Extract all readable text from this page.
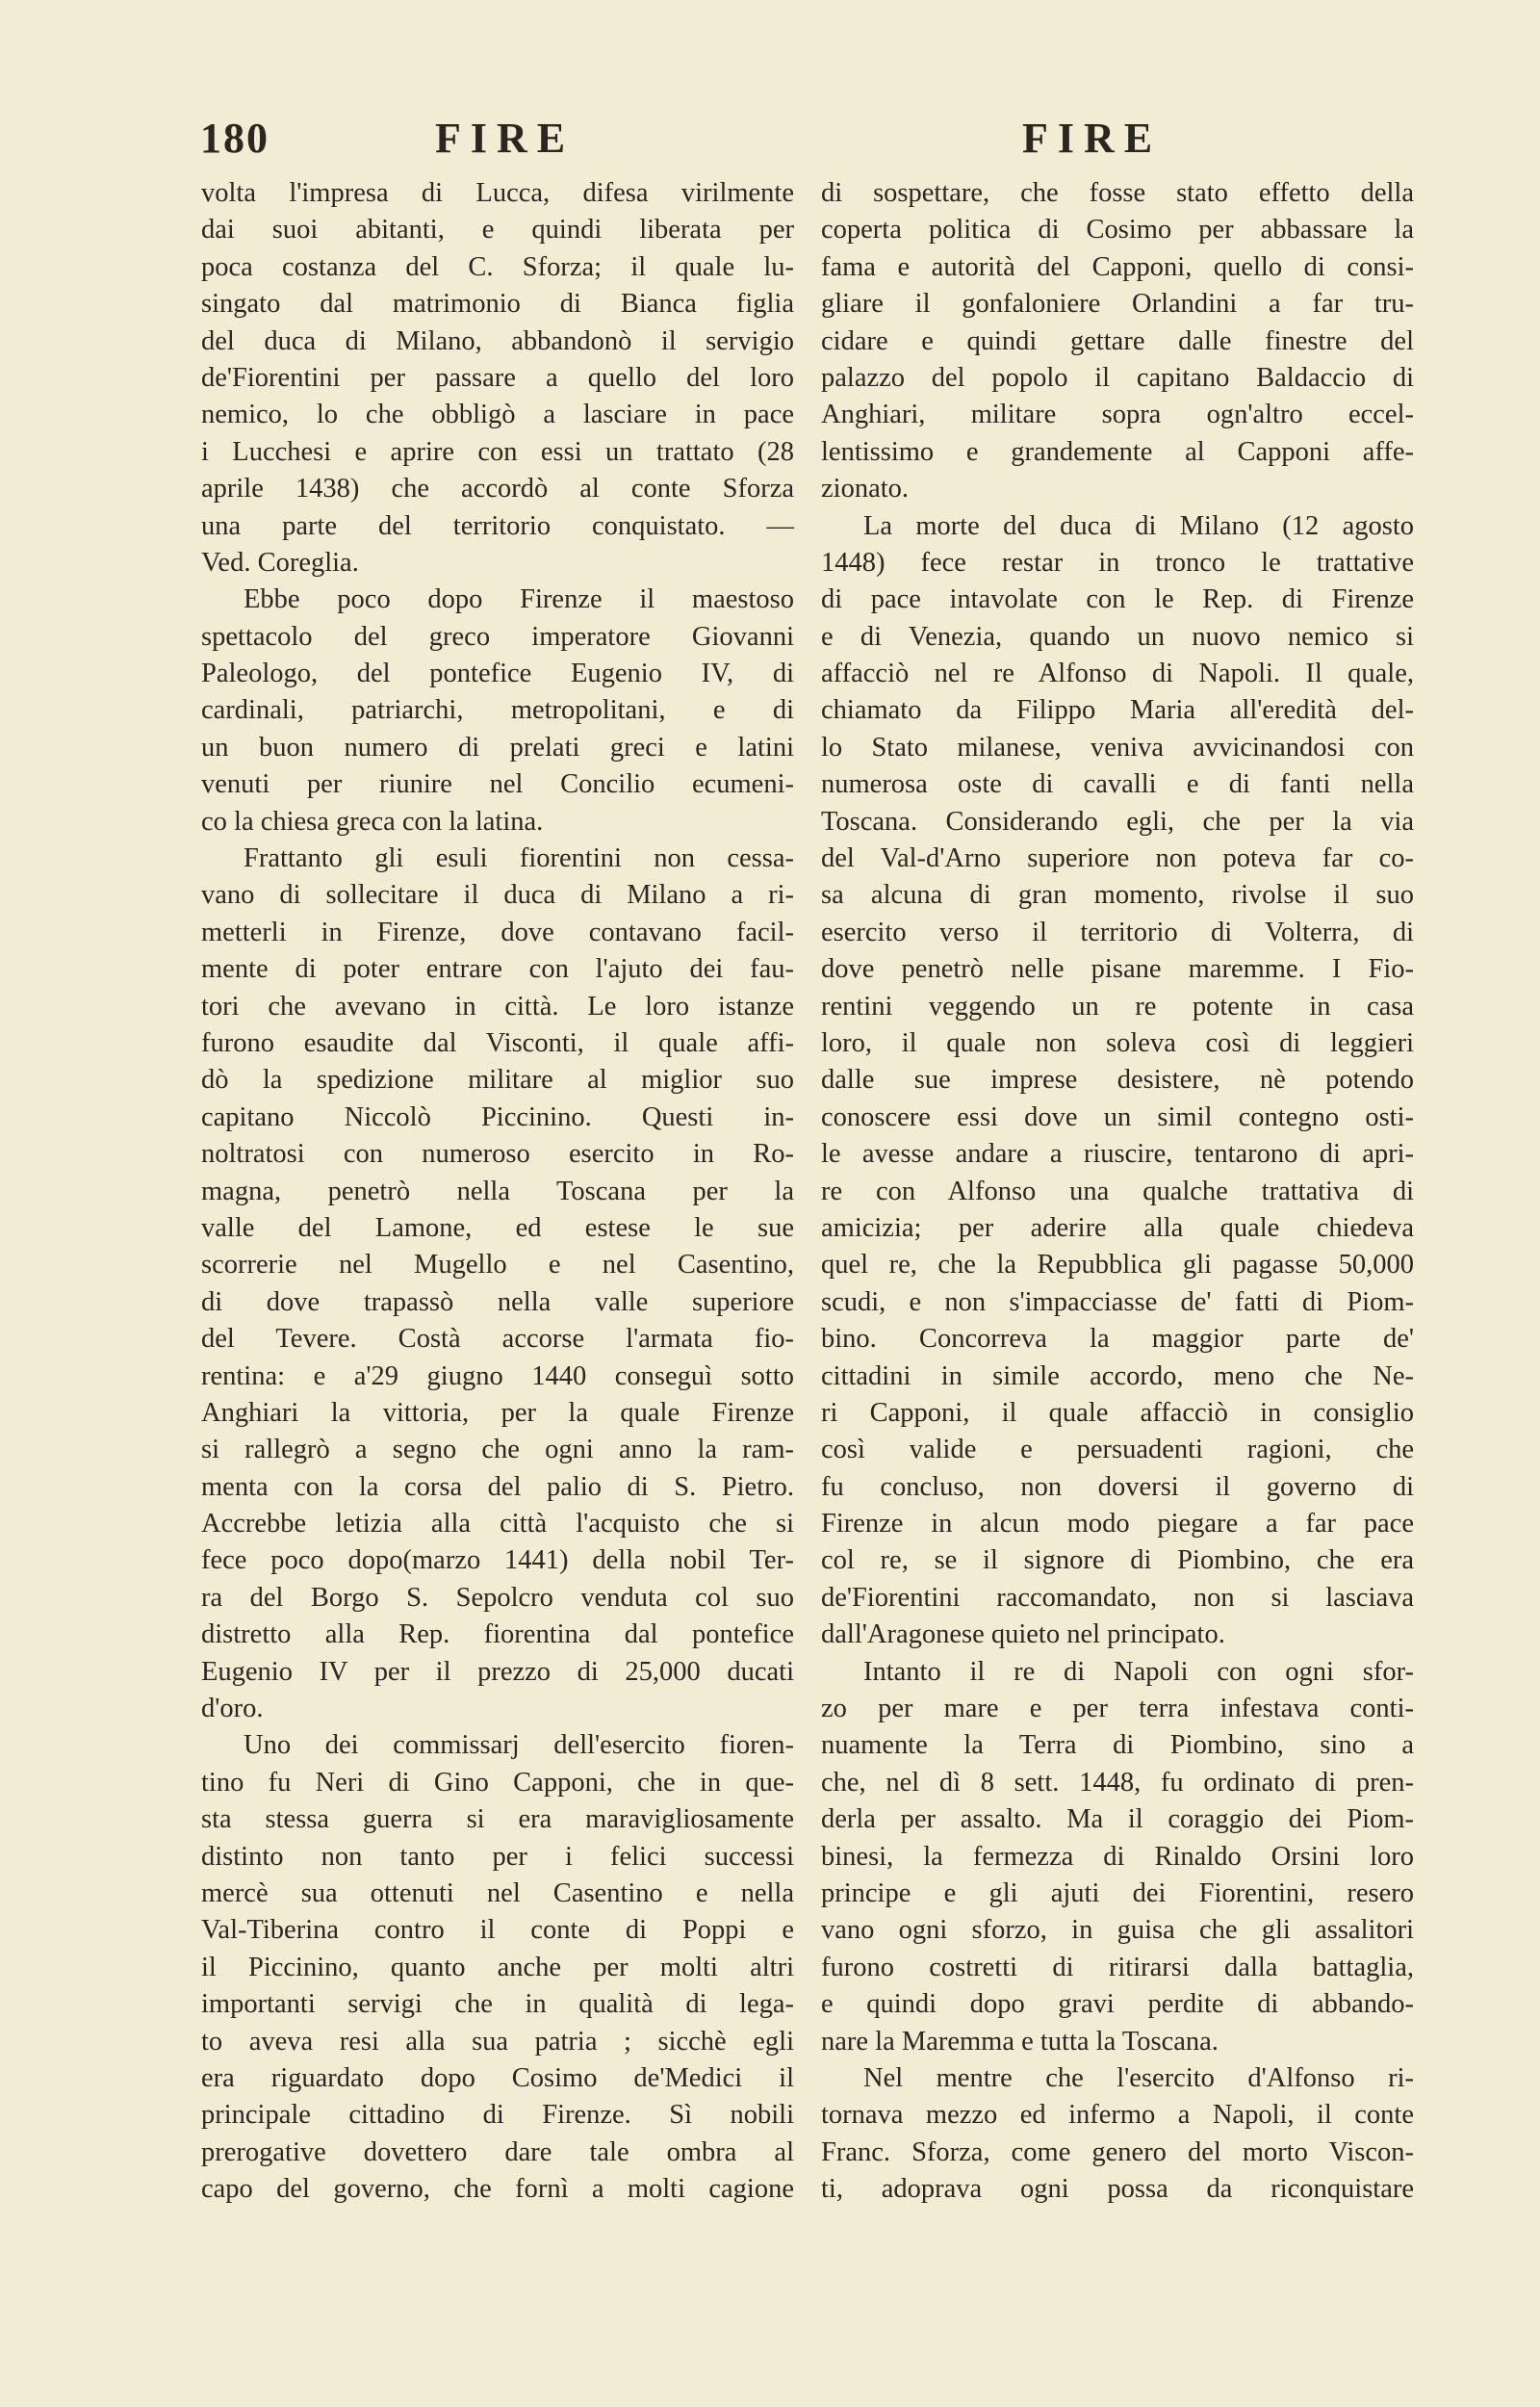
180	FIRE	FIRE
volta l'impresa di Lucca, difesa virilmente
dai suoi abitanti, e quindi liberata per
poca costanza del C. Sforza; il quale lu-
singato dal matrimonio di Bianca figlia
del duca di Milano, abbandonò il servigio
de'Fiorentini per passare a quello del loro
nemico, lo che obbligò a lasciare in pace
i Lucchesi e aprire con essi un trattato (28
aprile 1438) che accordò al conte Sforza
una parte del territorio conquistato. —
Ved. Coreglia.
Ebbe poco dopo Firenze il maestoso
spettacolo del greco imperatore Giovanni
Paleologo, del pontefice Eugenio IV, di
cardinali, patriarchi, metropolitani, e di
un buon numero di prelati greci e latini
venuti per riunire nel Concilio ecumeni-
co la chiesa greca con la latina.
Frattanto gli esuli fiorentini non cessa-
vano di sollecitare il duca di Milano a ri-
metterli in Firenze, dove contavano facil-
mente di poter entrare con l'ajuto dei fau-
tori che avevano in città. Le loro istanze
furono esaudite dal Visconti, il quale affi-
dò la spedizione militare al miglior suo
capitano Niccolò Piccinino. Questi in-
noltratosi con numeroso esercito in Ro-
magna, penetrò nella Toscana per la
valle del Lamone, ed estese le sue
scorrerie nel Mugello e nel Casentino,
di dove trapassò nella valle superiore
del Tevere. Costà accorse l'armata fio-
rentina: e a'29 giugno 1440 conseguì sotto
Anghiari la vittoria, per la quale Firenze
si rallegrò a segno che ogni anno la ram-
menta con la corsa del palio di S. Pietro.
Accrebbe letizia alla città l'acquisto che si
fece poco dopo(marzo 1441) della nobil Ter-
ra del Borgo S. Sepolcro venduta col suo
distretto alla Rep. fiorentina dal pontefice
Eugenio IV per il prezzo di 25,000 ducati
d'oro.
Uno dei commissarj dell'esercito fioren-
tino fu Neri di Gino Capponi, che in que-
sta stessa guerra si era maravigliosamente
distinto non tanto per i felici successi
mercè sua ottenuti nel Casentino e nella
Val-Tiberina contro il conte di Poppi e
il Piccinino, quanto anche per molti altri
importanti servigi che in qualità di lega-
to aveva resi alla sua patria ; sicchè egli
era riguardato dopo Cosimo de'Medici il
principale cittadino di Firenze. Sì nobili
prerogative dovettero dare tale ombra al
capo del governo, che fornì a molti cagione
di sospettare, che fosse stato effetto della
coperta politica di Cosimo per abbassare la
fama e autorità del Capponi, quello di consi-
gliare il gonfaloniere Orlandini a far tru-
cidare e quindi gettare dalle finestre del
palazzo del popolo il capitano Baldaccio di
Anghiari, militare sopra ogn'altro eccel-
lentissimo e grandemente al Capponi affe-
zionato.
La morte del duca di Milano (12 agosto
1448) fece restar in tronco le trattative
di pace intavolate con le Rep. di Firenze
e di Venezia, quando un nuovo nemico si
affacciò nel re Alfonso di Napoli. Il quale,
chiamato da Filippo Maria all'eredità del-
lo Stato milanese, veniva avvicinandosi con
numerosa oste di cavalli e di fanti nella
Toscana. Considerando egli, che per la via
del Val-d'Arno superiore non poteva far co-
sa alcuna di gran momento, rivolse il suo
esercito verso il territorio di Volterra, di
dove penetrò nelle pisane maremme. I Fio-
rentini veggendo un re potente in casa
loro, il quale non soleva così di leggieri
dalle sue imprese desistere, nè potendo
conoscere essi dove un simil contegno osti-
le avesse andare a riuscire, tentarono di apri-
re con Alfonso una qualche trattativa di
amicizia; per aderire alla quale chiedeva
quel re, che la Repubblica gli pagasse 50,000
scudi, e non s'impacciasse de' fatti di Piom-
bino. Concorreva la maggior parte de'
cittadini in simile accordo, meno che Ne-
ri Capponi, il quale affacciò in consiglio
così valide e persuadenti ragioni, che
fu concluso, non doversi il governo di
Firenze in alcun modo piegare a far pace
col re, se il signore di Piombino, che era
de'Fiorentini raccomandato, non si lasciava
dall'Aragonese quieto nel principato.
Intanto il re di Napoli con ogni sfor-
zo per mare e per terra infestava conti-
nuamente la Terra di Piombino, sino a
che, nel dì 8 sett. 1448, fu ordinato di pren-
derla per assalto. Ma il coraggio dei Piom-
binesi, la fermezza di Rinaldo Orsini loro
principe e gli ajuti dei Fiorentini, resero
vano ogni sforzo, in guisa che gli assalitori
furono costretti di ritirarsi dalla battaglia,
e quindi dopo gravi perdite di abbando-
nare la Maremma e tutta la Toscana.
Nel mentre che l'esercito d'Alfonso ri-
tornava mezzo ed infermo a Napoli, il conte
Franc. Sforza, come genero del morto Viscon-
ti, adoprava ogni possa da riconquistare
